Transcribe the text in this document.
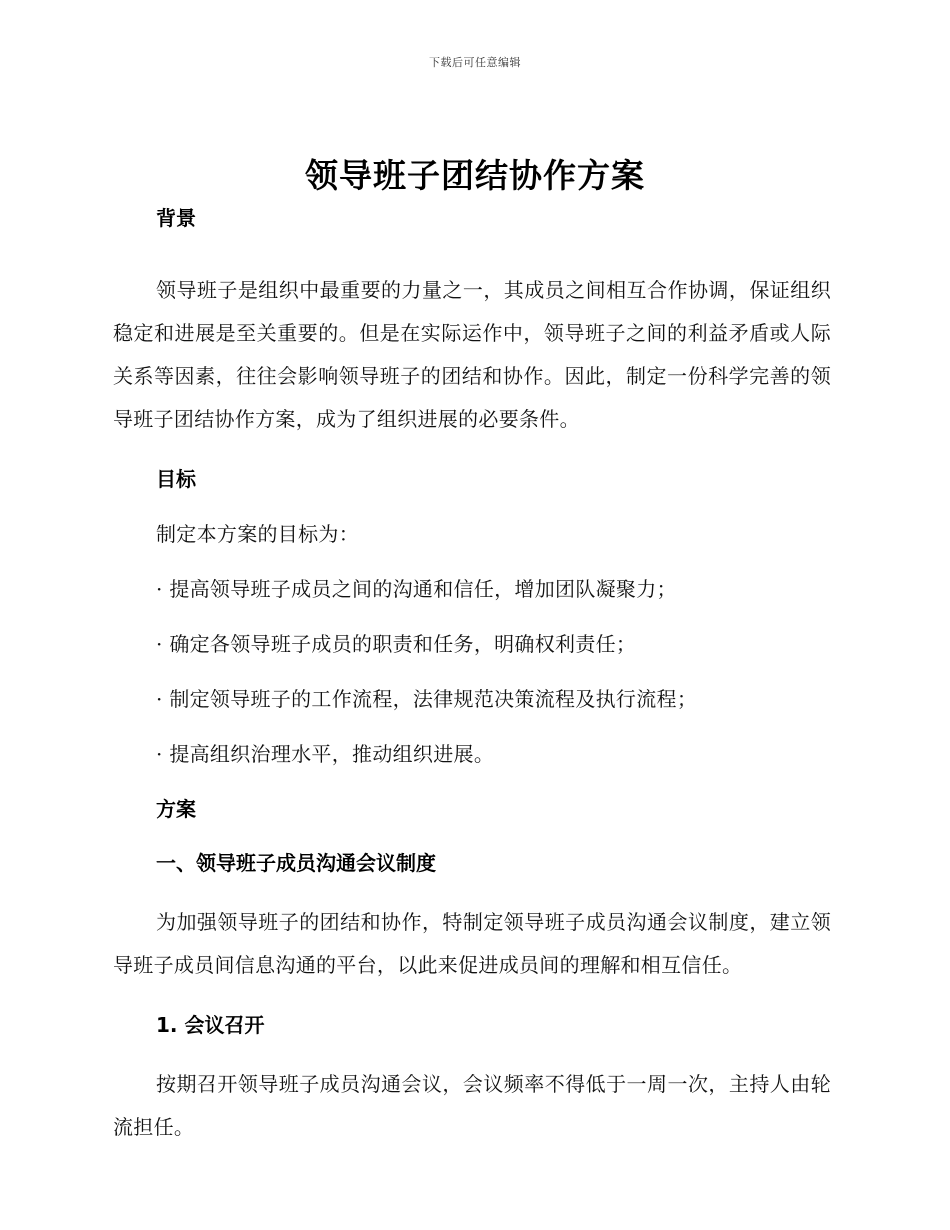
下载后可任意编辑
领导班子团结协作方案

背景

领导班子是组织中最重要的力量之一，其成员之间相互合作协调，保证组织稳定和进展是至关重要的。但是在实际运作中，领导班子之间的利益矛盾或人际关系等因素，往往会影响领导班子的团结和协作。因此，制定一份科学完善的领导班子团结协作方案，成为了组织进展的必要条件。

目标

制定本方案的目标为：

· 提高领导班子成员之间的沟通和信任，增加团队凝聚力；

· 确定各领导班子成员的职责和任务，明确权利责任；

· 制定领导班子的工作流程，法律规范决策流程及执行流程；

· 提高组织治理水平，推动组织进展。

方案

一、领导班子成员沟通会议制度

为加强领导班子的团结和协作，特制定领导班子成员沟通会议制度，建立领导班子成员间信息沟通的平台，以此来促进成员间的理解和相互信任。

1. 会议召开

按期召开领导班子成员沟通会议，会议频率不得低于一周一次，主持人由轮流担任。
